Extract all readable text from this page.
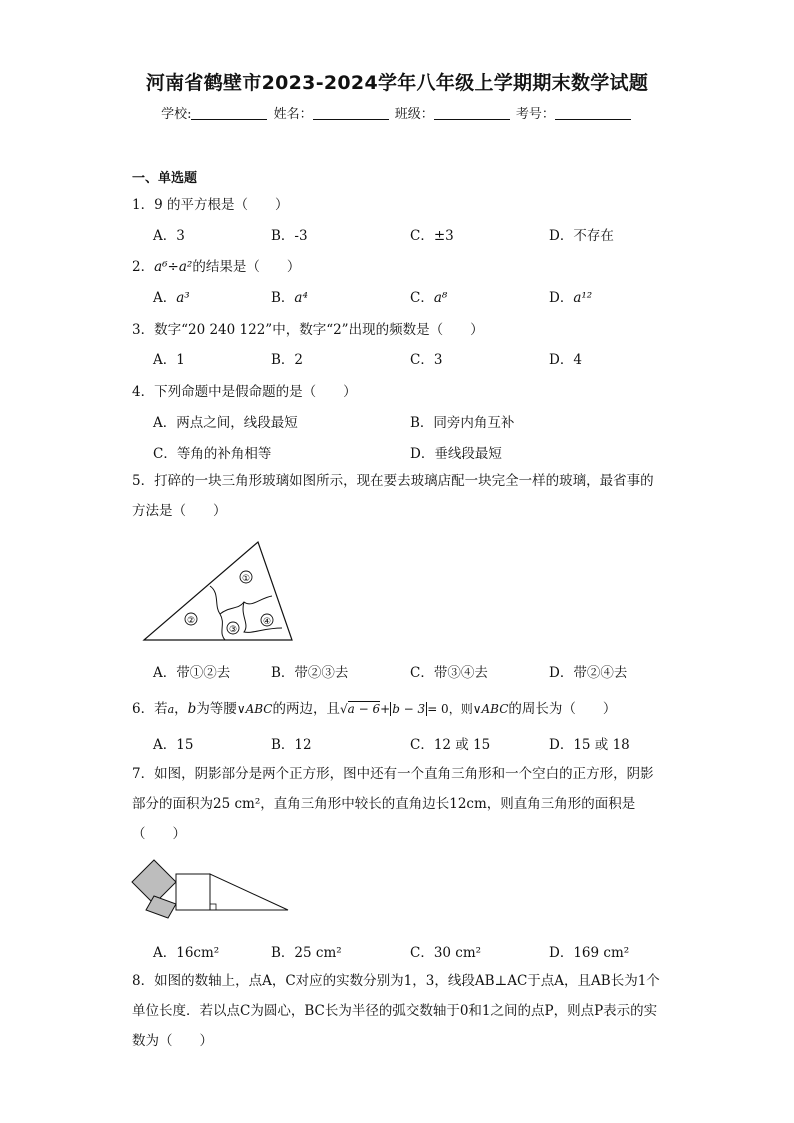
河南省鹤壁市2023-2024学年八年级上学期期末数学试题
学校:	姓名：	班级：	考号：
一、单选题
1．9 的平方根是（　　）
A．3	B．-3	C．±3	D．不存在
2．a⁶÷a²的结果是（　　）
A．a³	B．a⁴	C．a⁸	D．a¹²
3．数字“20 240 122”中，数字“2”出现的频数是（　　）
A．1	B．2	C．3	D．4
4．下列命题中是假命题的是（　　）
A．两点之间，线段最短	B．同旁内角互补
C．等角的补角相等	D．垂线段最短
5．打碎的一块三角形玻璃如图所示，现在要去玻璃店配一块完全一样的玻璃，最省事的方法是（　　）
①
②
③
④
A．带①②去	B．带②③去	C．带③④去	D．带②④去
6．若a，b为等腰∨ABC的两边，且√a − 6+ b − 3 = 0，则∨ABC的周长为（　　）
A．15	B．12	C．12 或 15	D．15 或 18
7．如图，阴影部分是两个正方形，图中还有一个直角三角形和一个空白的正方形，阴影部分的面积为25 cm²，直角三角形中较长的直角边长12cm，则直角三角形的面积是（　　）
A．16cm²	B．25 cm²	C．30 cm²	D．169 cm²
8．如图的数轴上，点A，C对应的实数分别为1，3，线段AB⊥AC于点A，且AB长为1个单位长度．若以点C为圆心，BC长为半径的弧交数轴于0和1之间的点P，则点P表示的实数为（　　）
